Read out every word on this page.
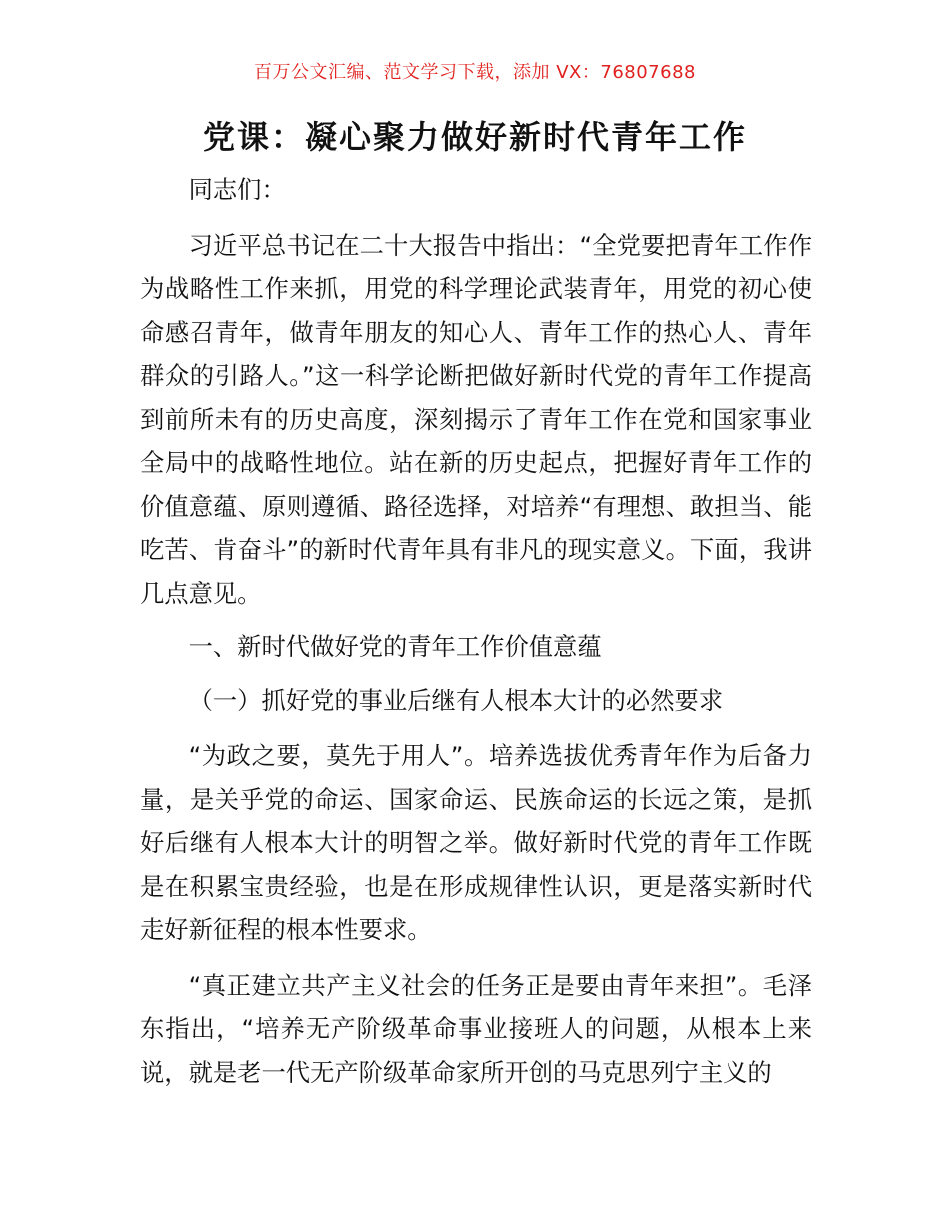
百万公文汇编、范文学习下载，添加 VX：76807688
党课：凝心聚力做好新时代青年工作

同志们：

习近平总书记在二十大报告中指出：“全党要把青年工作作为战略性工作来抓，用党的科学理论武装青年，用党的初心使命感召青年，做青年朋友的知心人、青年工作的热心人、青年群众的引路人。”这一科学论断把做好新时代党的青年工作提高到前所未有的历史高度，深刻揭示了青年工作在党和国家事业全局中的战略性地位。站在新的历史起点，把握好青年工作的价值意蕴、原则遵循、路径选择，对培养“有理想、敢担当、能吃苦、肯奋斗”的新时代青年具有非凡的现实意义。下面，我讲几点意见。

一、新时代做好党的青年工作价值意蕴

（一）抓好党的事业后继有人根本大计的必然要求

“为政之要，莫先于用人”。培养选拔优秀青年作为后备力量，是关乎党的命运、国家命运、民族命运的长远之策，是抓好后继有人根本大计的明智之举。做好新时代党的青年工作既是在积累宝贵经验，也是在形成规律性认识，更是落实新时代走好新征程的根本性要求。

“真正建立共产主义社会的任务正是要由青年来担”。毛泽东指出，“培养无产阶级革命事业接班人的问题，从根本上来说，就是老一代无产阶级革命家所开创的马克思列宁主义的
